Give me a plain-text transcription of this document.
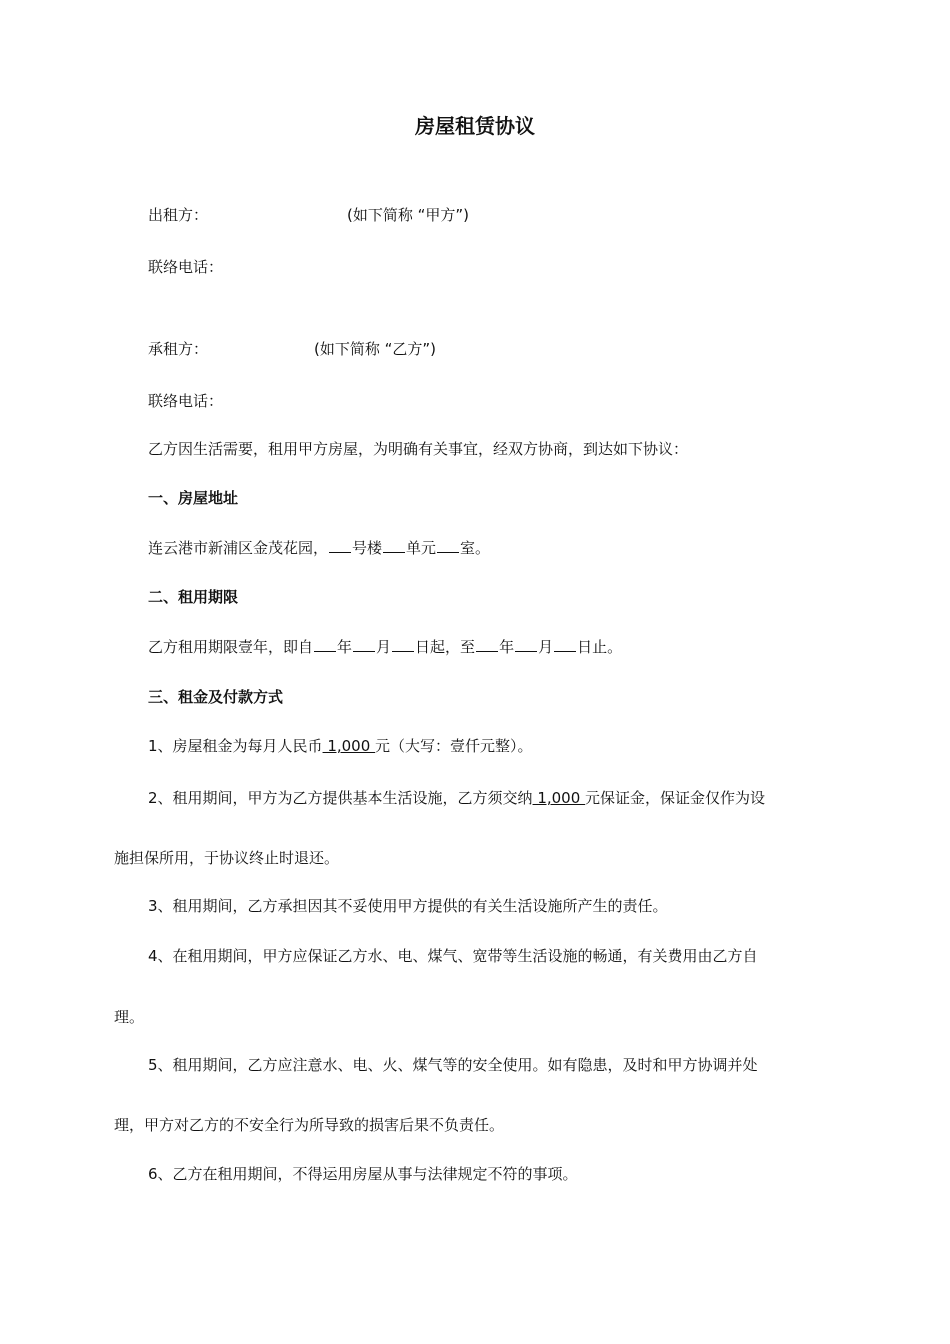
房屋租赁协议
出租方：	(如下简称 “甲方”)
联络电话：
承租方：	(如下简称 “乙方”)
联络电话：
乙方因生活需要，租用甲方房屋，为明确有关事宜，经双方协商，到达如下协议：
一、房屋地址
连云港市新浦区金茂花园， 号楼 单元 室。
二、租用期限
乙方租用期限壹年，即自 年 月 日起，至 年 月 日止。
三、租金及付款方式
1、房屋租金为每月人民币 1,000 元（大写：壹仟元整）。
2、租用期间，甲方为乙方提供基本生活设施，乙方须交纳 1,000 元保证金，保证金仅作为设
施担保所用，于协议终止时退还。
3、租用期间，乙方承担因其不妥使用甲方提供的有关生活设施所产生的责任。
4、在租用期间，甲方应保证乙方水、电、煤气、宽带等生活设施的畅通，有关费用由乙方自
理。
5、租用期间，乙方应注意水、电、火、煤气等的安全使用。如有隐患，及时和甲方协调并处
理，甲方对乙方的不安全行为所导致的损害后果不负责任。
6、乙方在租用期间，不得运用房屋从事与法律规定不符的事项。
